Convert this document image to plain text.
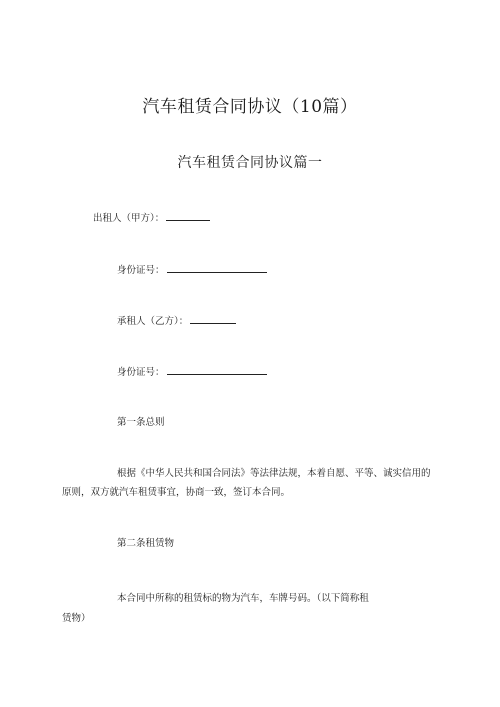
汽车租赁合同协议（10篇）
汽车租赁合同协议篇一
出租人（甲方）：
身份证号：
承租人（乙方）：
身份证号：
第一条总则
根据《中华人民共和国合同法》等法律法规，本着自愿、平等、诚实信用的
原则，双方就汽车租赁事宜，协商一致，签订本合同。
第二条租赁物
本合同中所称的租赁标的物为汽车，车牌号码。（以下简称租
赁物）
